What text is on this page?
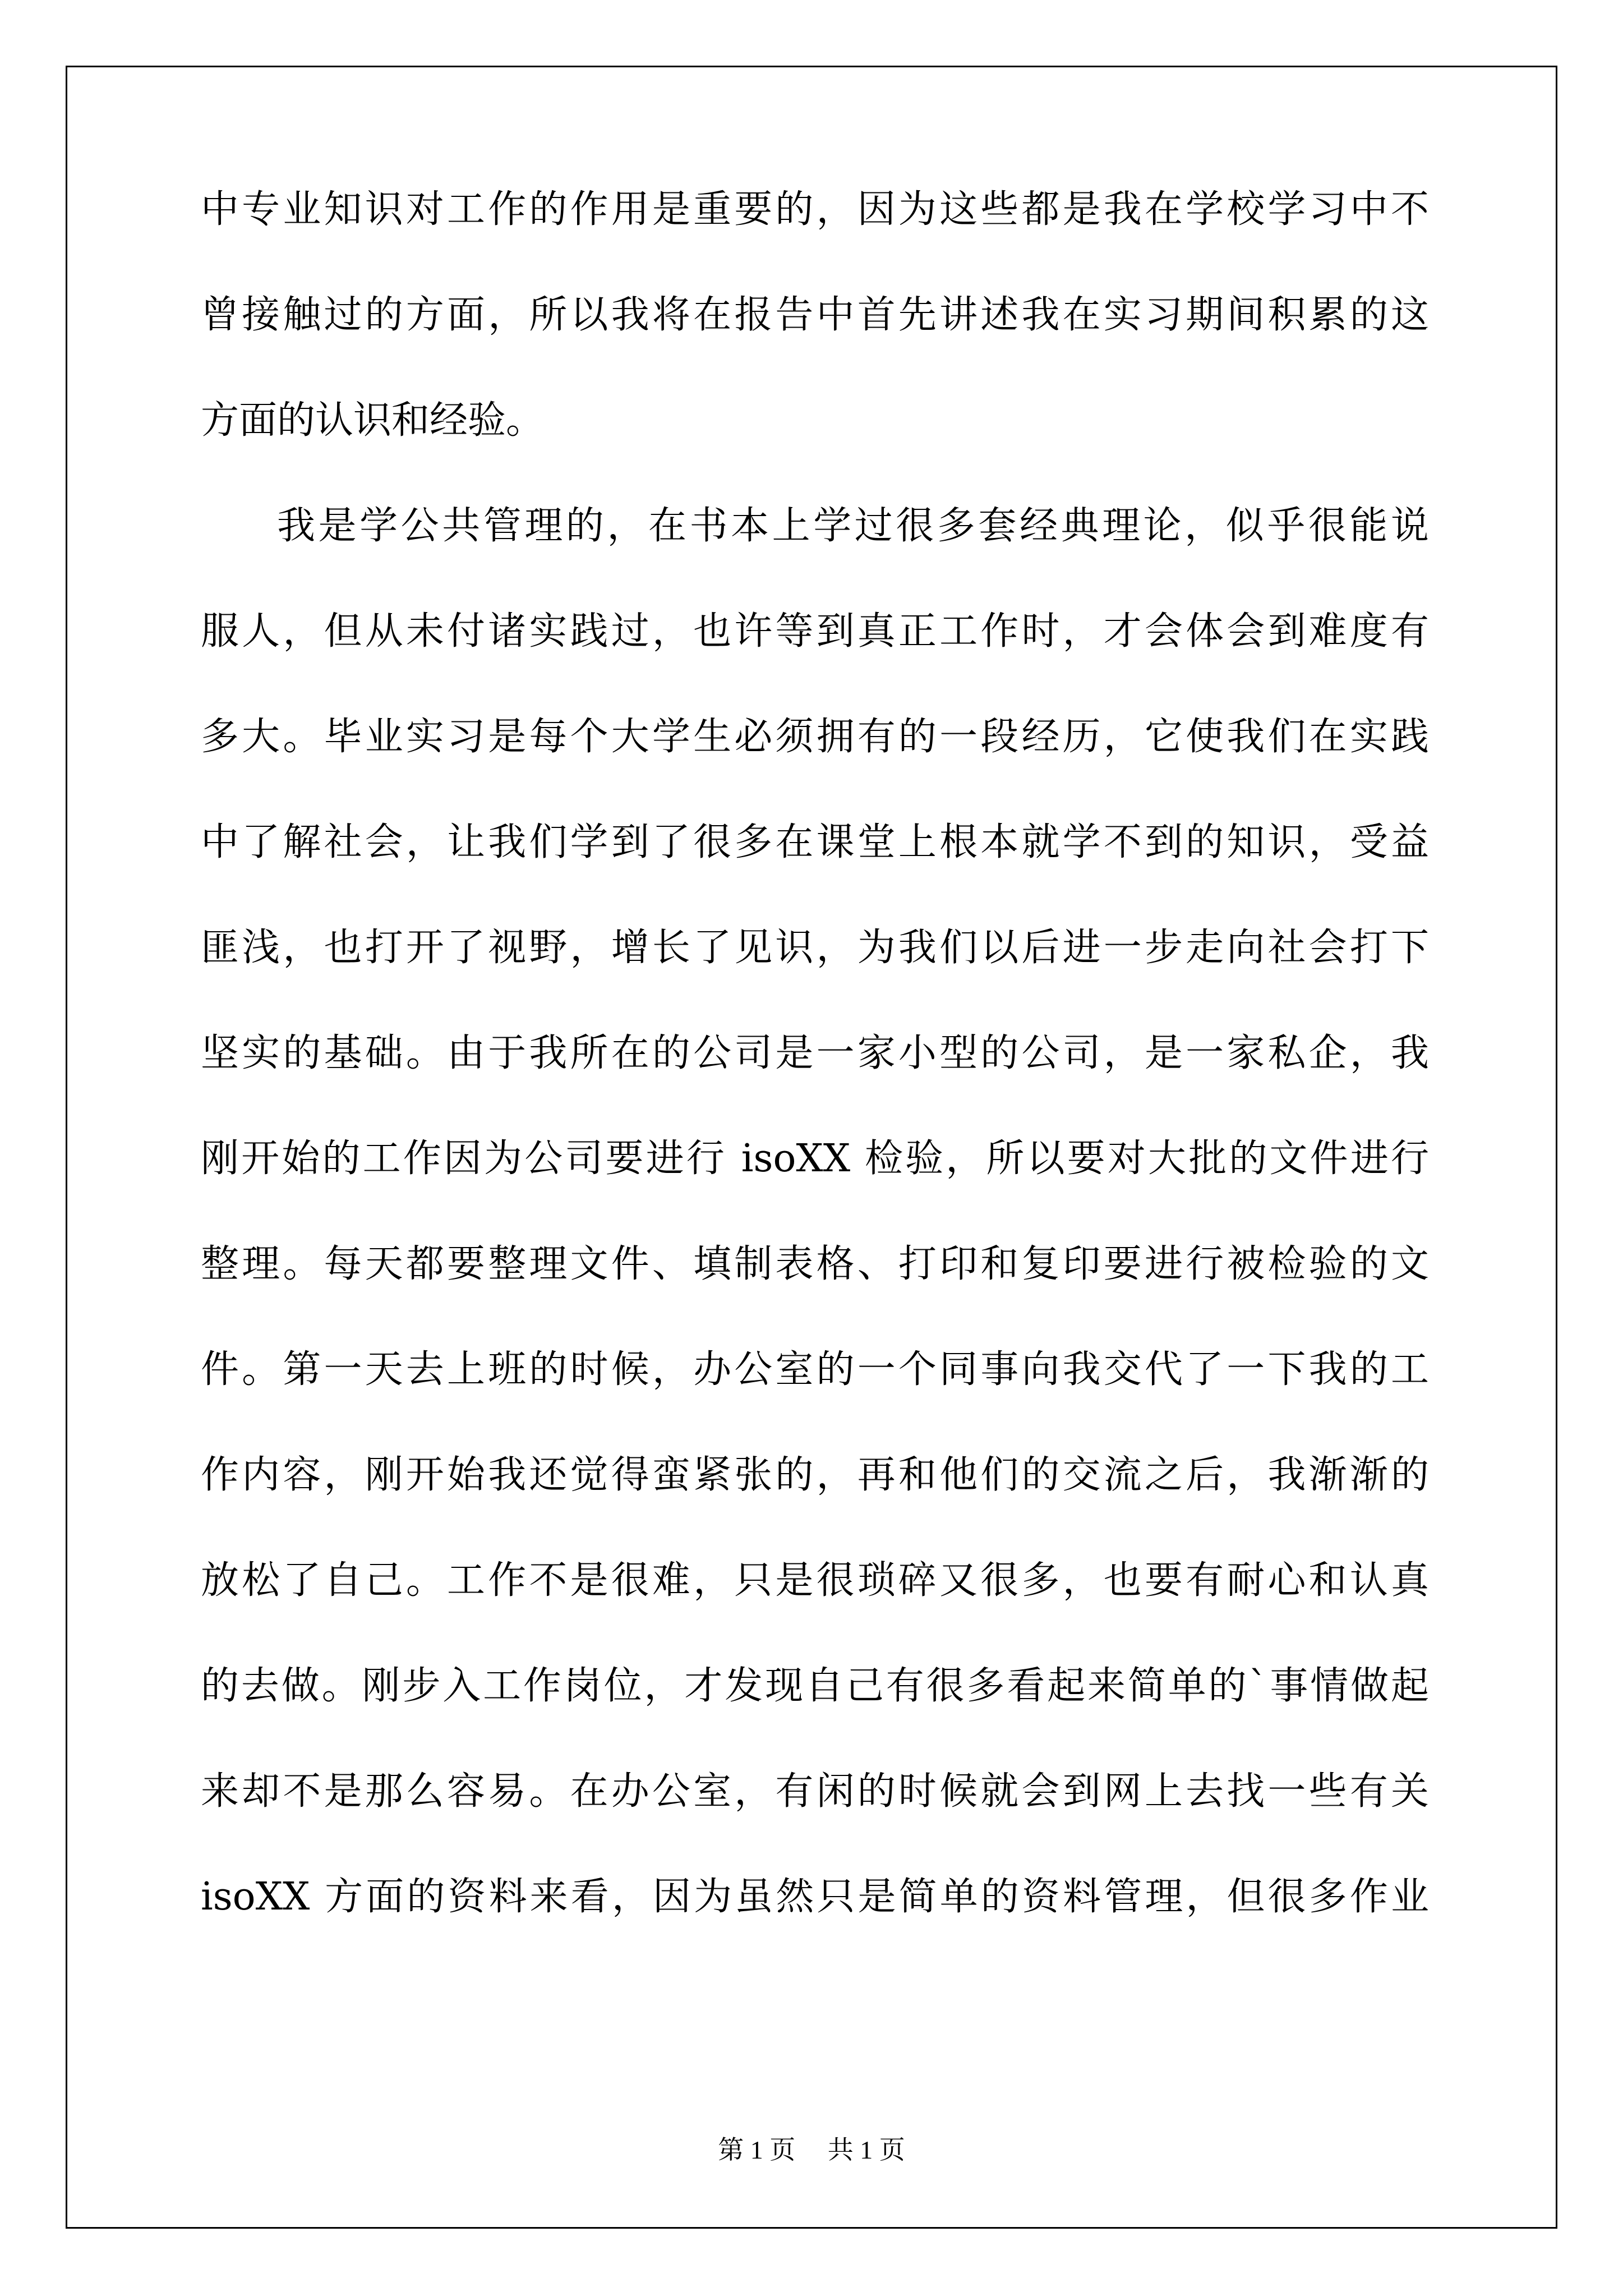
中专业知识对工作的作用是重要的，因为这些都是我在学校学习中不
曾接触过的方面，所以我将在报告中首先讲述我在实习期间积累的这
方面的认识和经验。
我是学公共管理的，在书本上学过很多套经典理论，似乎很能说
服人，但从未付诸实践过，也许等到真正工作时，才会体会到难度有
多大。毕业实习是每个大学生必须拥有的一段经历，它使我们在实践
中了解社会，让我们学到了很多在课堂上根本就学不到的知识，受益
匪浅，也打开了视野，增长了见识，为我们以后进一步走向社会打下
坚实的基础。由于我所在的公司是一家小型的公司，是一家私企，我
刚开始的工作因为公司要进行 isoXX 检验，所以要对大批的文件进行
整理。每天都要整理文件、填制表格、打印和复印要进行被检验的文
件。第一天去上班的时候，办公室的一个同事向我交代了一下我的工
作内容，刚开始我还觉得蛮紧张的，再和他们的交流之后，我渐渐的
放松了自己。工作不是很难，只是很琐碎又很多，也要有耐心和认真
的去做。刚步入工作岗位，才发现自己有很多看起来简单的`事情做起
来却不是那么容易。在办公室，有闲的时候就会到网上去找一些有关
isoXX 方面的资料来看，因为虽然只是简单的资料管理，但很多作业
第 1 页　 共 1 页
